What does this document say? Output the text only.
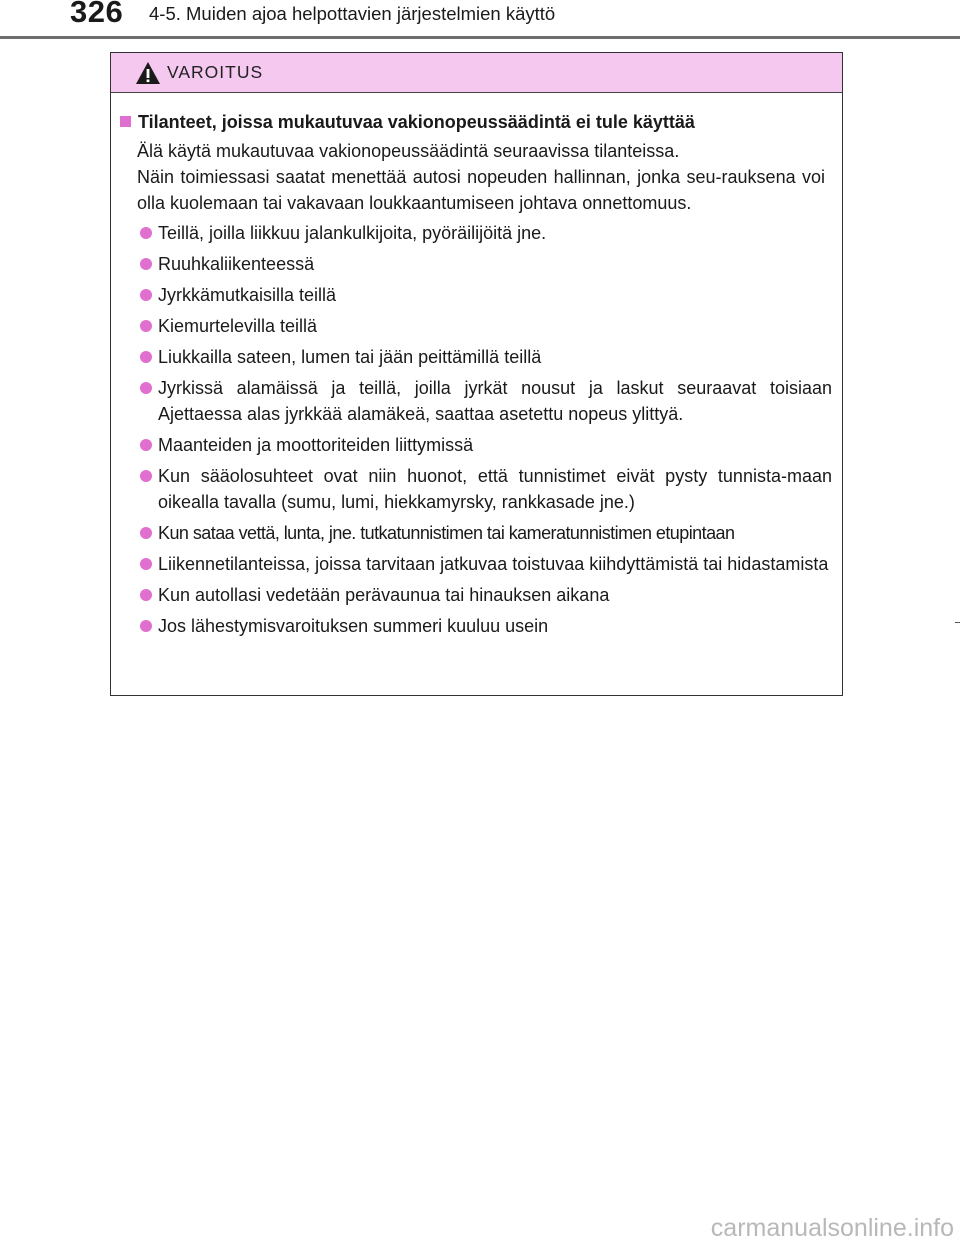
326 4-5. Muiden ajoa helpottavien järjestelmien käyttö
VAROITUS
Tilanteet, joissa mukautuvaa vakionopeussäädintä ei tule käyttää

Älä käytä mukautuvaa vakionopeussäädintä seuraavissa tilanteissa.

Näin toimiessasi saatat menettää autosi nopeuden hallinnan, jonka seu-rauksena voi olla kuolemaan tai vakavaan loukkaantumiseen johtava onnettomuus.

Teillä, joilla liikkuu jalankulkijoita, pyöräilijöitä jne.
Ruuhkaliikenteessä
Jyrkkämutkaisilla teillä
Kiemurtelevilla teillä
Liukkailla sateen, lumen tai jään peittämillä teillä
Jyrkissä alamäissä ja teillä, joilla jyrkät nousut ja laskut seuraavat toisiaan Ajettaessa alas jyrkkää alamäkeä, saattaa asetettu nopeus ylittyä.
Maanteiden ja moottoriteiden liittymissä
Kun sääolosuhteet ovat niin huonot, että tunnistimet eivät pysty tunnista-maan oikealla tavalla (sumu, lumi, hiekkamyrsky, rankkasade jne.)
Kun sataa vettä, lunta, jne. tutkatunnistimen tai kameratunnistimen etupintaan
Liikennetilanteissa, joissa tarvitaan jatkuvaa toistuvaa kiihdyttämistä tai hidastamista
Kun autollasi vedetään perävaunua tai hinauksen aikana
Jos lähestymisvaroituksen summeri kuuluu usein
carmanualsonline.info
